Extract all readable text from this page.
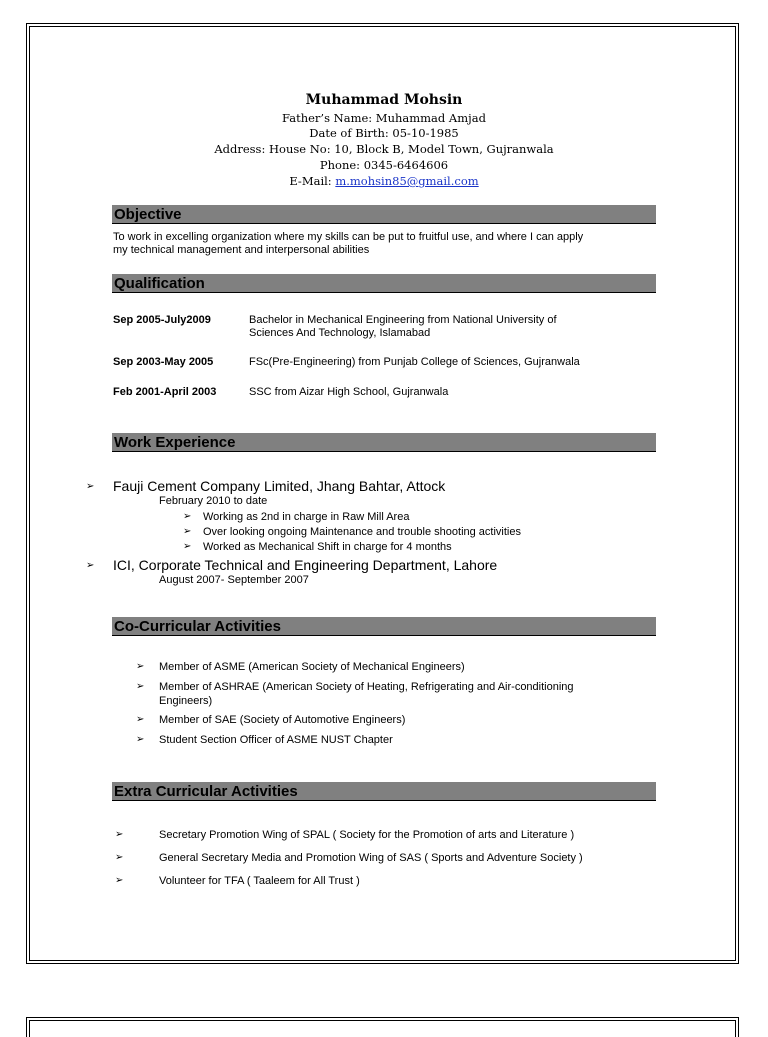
Muhammad Mohsin
Father’s Name: Muhammad Amjad
Date of Birth: 05-10-1985
Address: House No: 10, Block B, Model Town, Gujranwala
Phone: 0345-6464606
E-Mail: m.mohsin85@gmail.com
Objective
To work in excelling organization where my skills can be put to fruitful use, and where I can apply
my technical management and interpersonal abilities
Qualification
Sep 2005-July2009	Bachelor in Mechanical Engineering from National University of
Sciences And Technology, Islamabad
Sep 2003-May 2005	FSc(Pre-Engineering) from Punjab College of Sciences, Gujranwala
Feb 2001-April 2003	SSC from Aizar High School, Gujranwala
Work Experience
➢ Fauji Cement Company Limited, Jhang Bahtar, Attock
February 2010 to date
➢ Working as 2nd in charge in Raw Mill Area
➢ Over looking ongoing Maintenance and trouble shooting activities
➢ Worked as Mechanical Shift in charge for 4 months
➢ ICI, Corporate Technical and Engineering Department, Lahore
August 2007- September 2007
Co-Curricular Activities
➢ Member of ASME (American Society of Mechanical Engineers)
➢ Member of ASHRAE (American Society of Heating, Refrigerating and Air-conditioning
Engineers)
➢ Member of SAE (Society of Automotive Engineers)
➢ Student Section Officer of ASME NUST Chapter
Extra Curricular Activities
➢	Secretary Promotion Wing of SPAL ( Society for the Promotion of arts and Literature )
➢	General Secretary Media and Promotion Wing of SAS ( Sports and Adventure Society )
➢	Volunteer for TFA ( Taaleem for All Trust )
